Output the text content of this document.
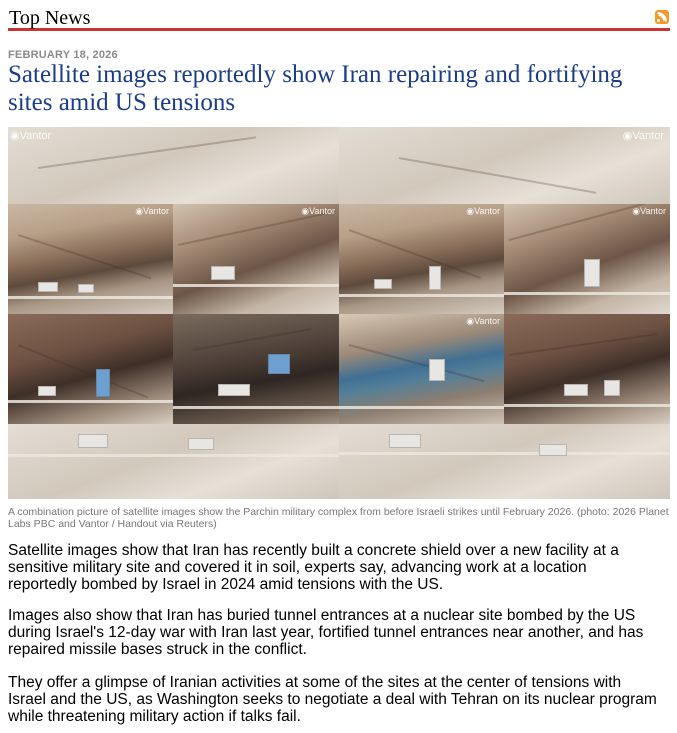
Top News
FEBRUARY 18, 2026
Satellite images reportedly show Iran repairing and fortifying sites amid US tensions
◉ Vantor	◉ Vantor
◉ Vantor	◉ Vantor	◉ Vantor	◉ Vantor
◉ Vantor

A combination picture of satellite images show the Parchin military complex from before Israeli strikes until February 2026. (photo: 2026 Planet Labs PBC and Vantor / Handout via Reuters)

Satellite images show that Iran has recently built a concrete shield over a new facility at a sensitive military site and covered it in soil, experts say, advancing work at a location reportedly bombed by Israel in 2024 amid tensions with the US.

Images also show that Iran has buried tunnel entrances at a nuclear site bombed by the US during Israel's 12-day war with Iran last year, fortified tunnel entrances near another, and has repaired missile bases struck in the conflict.

They offer a glimpse of Iranian activities at some of the sites at the center of tensions with Israel and the US, as Washington seeks to negotiate a deal with Tehran on its nuclear program while threatening military action if talks fail.
